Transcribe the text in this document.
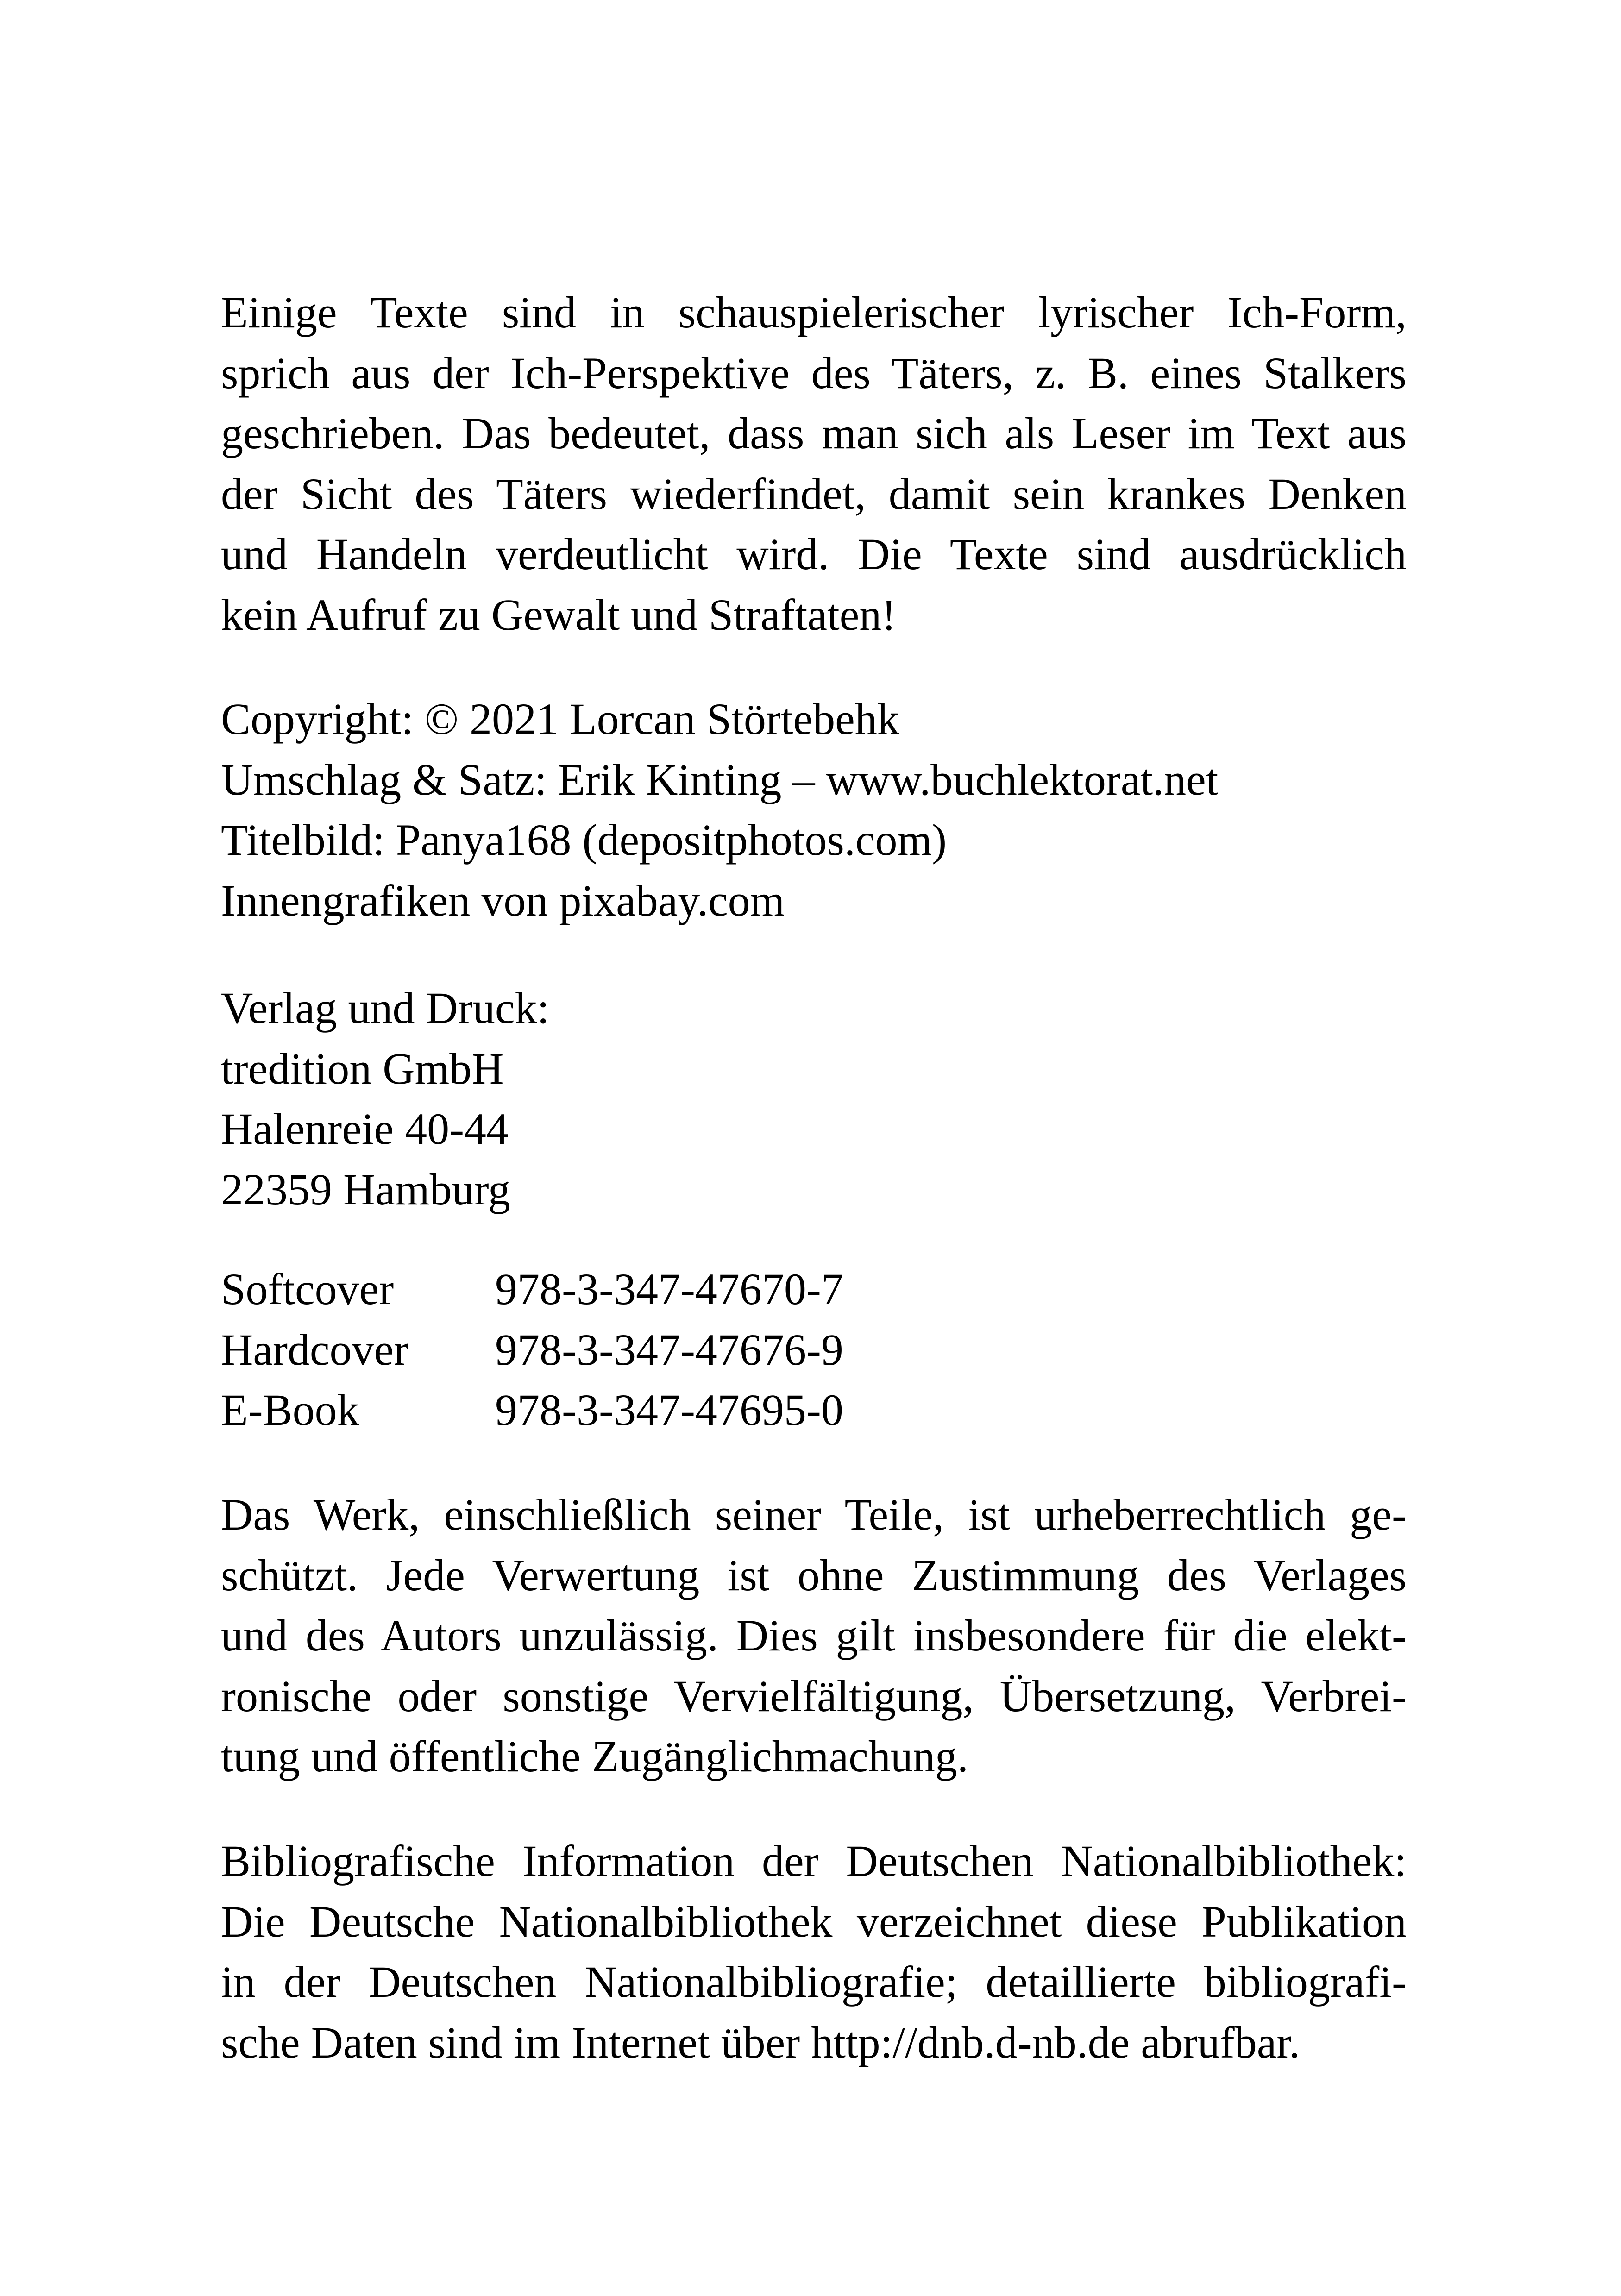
Einige Texte sind in schauspielerischer lyrischer Ich-Form,
sprich aus der Ich-Perspektive des Täters, z. B. eines Stalkers
geschrieben. Das bedeutet, dass man sich als Leser im Text aus
der Sicht des Täters wiederfindet, damit sein krankes Denken
und Handeln verdeutlicht wird. Die Texte sind ausdrücklich
kein Aufruf zu Gewalt und Straftaten!
Copyright: © 2021 Lorcan Störtebehk
Umschlag & Satz: Erik Kinting – www.buchlektorat.net
Titelbild: Panya168 (depositphotos.com)
Innengrafiken von pixabay.com
Verlag und Druck:
tredition GmbH
Halenreie 40-44
22359 Hamburg
Softcover	978-3-347-47670-7
Hardcover	978-3-347-47676-9
E-Book	978-3-347-47695-0
Das Werk, einschließlich seiner Teile, ist urheberrechtlich ge-
schützt. Jede Verwertung ist ohne Zustimmung des Verlages
und des Autors unzulässig. Dies gilt insbesondere für die elekt-
ronische oder sonstige Vervielfältigung, Übersetzung, Verbrei-
tung und öffentliche Zugänglichmachung.
Bibliografische Information der Deutschen Nationalbibliothek:
Die Deutsche Nationalbibliothek verzeichnet diese Publikation
in der Deutschen Nationalbibliografie; detaillierte bibliografi-
sche Daten sind im Internet über http://dnb.d-nb.de abrufbar.
